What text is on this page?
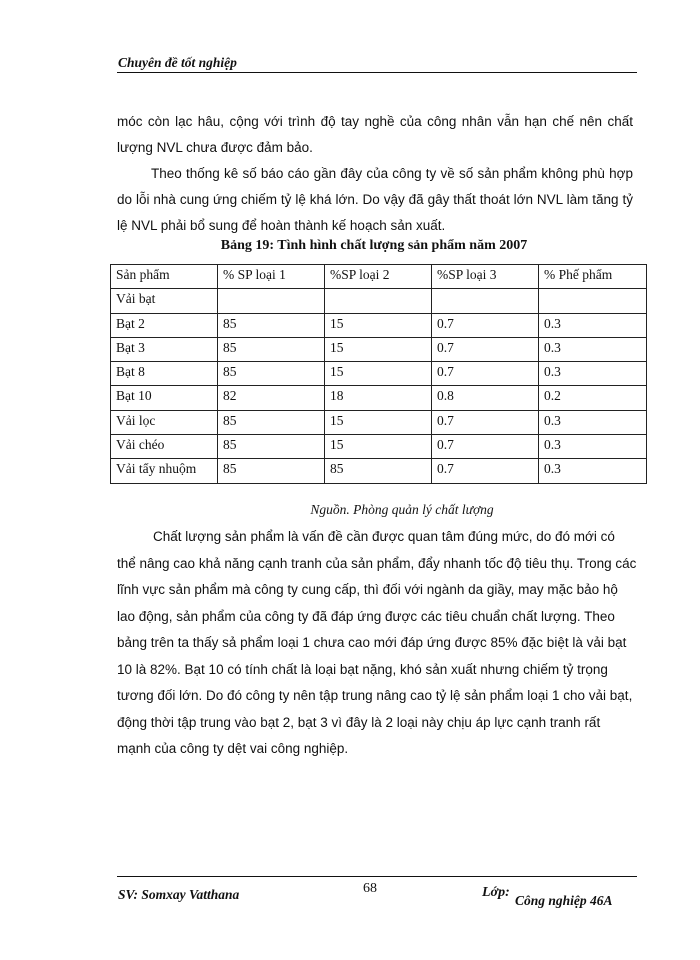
Chuyên đề tốt nghiệp
móc còn lạc hâu, cộng với trình độ tay nghề của công nhân vẫn hạn chế nên chất lượng NVL chưa được đảm bảo.
Theo thống kê số báo cáo gần đây của công ty về số sản phẩm không phù hợp do lỗi nhà cung ứng chiếm tỷ lệ khá lớn. Do vậy đã gây thất thoát lớn NVL làm tăng tỷ lệ NVL phải bổ sung để hoàn thành kế hoạch sản xuất.
Bảng 19: Tình hình chất lượng sản phẩm năm 2007
Sản phẩm	% SP loại 1	%SP loại 2	%SP loại 3	% Phế phẩm
Vải bạt				
Bạt 2	85	15	0.7	0.3
Bạt 3	85	15	0.7	0.3
Bạt 8	85	15	0.7	0.3
Bạt 10	82	18	0.8	0.2
Vải lọc	85	15	0.7	0.3
Vải chéo	85	15	0.7	0.3
Vải tẩy nhuộm	85	85	0.7	0.3
Nguồn. Phòng quản lý chất lượng
Chất lượng sản phẩm là vấn đề cần được quan tâm đúng mức, do đó mới có thể nâng cao khả năng cạnh tranh của sản phẩm, đẩy nhanh tốc độ tiêu thụ. Trong các lĩnh vực sản phẩm mà công ty cung cấp, thì đối với ngành da giầy, may mặc bảo hộ lao động, sản phẩm của công ty đã đáp ứng được các tiêu chuẩn chất lượng. Theo bảng trên ta thấy sả phẩm loại 1 chưa cao mới đáp ứng được 85% đặc biệt là vải bạt 10 là 82%. Bạt 10 có tính chất là loại bạt nặng, khó sản xuất nhưng chiếm tỷ trọng tương đối lớn. Do đó công ty nên tập trung nâng cao tỷ lệ sản phẩm loại 1 cho vải bạt, động thời tập trung vào bạt 2, bạt 3 vì đây là 2 loại này chịu áp lực cạnh tranh rất mạnh của công ty dệt vai công nghiệp.
SV: Somxay Vatthana	68	Lớp:
Công nghiệp 46A
